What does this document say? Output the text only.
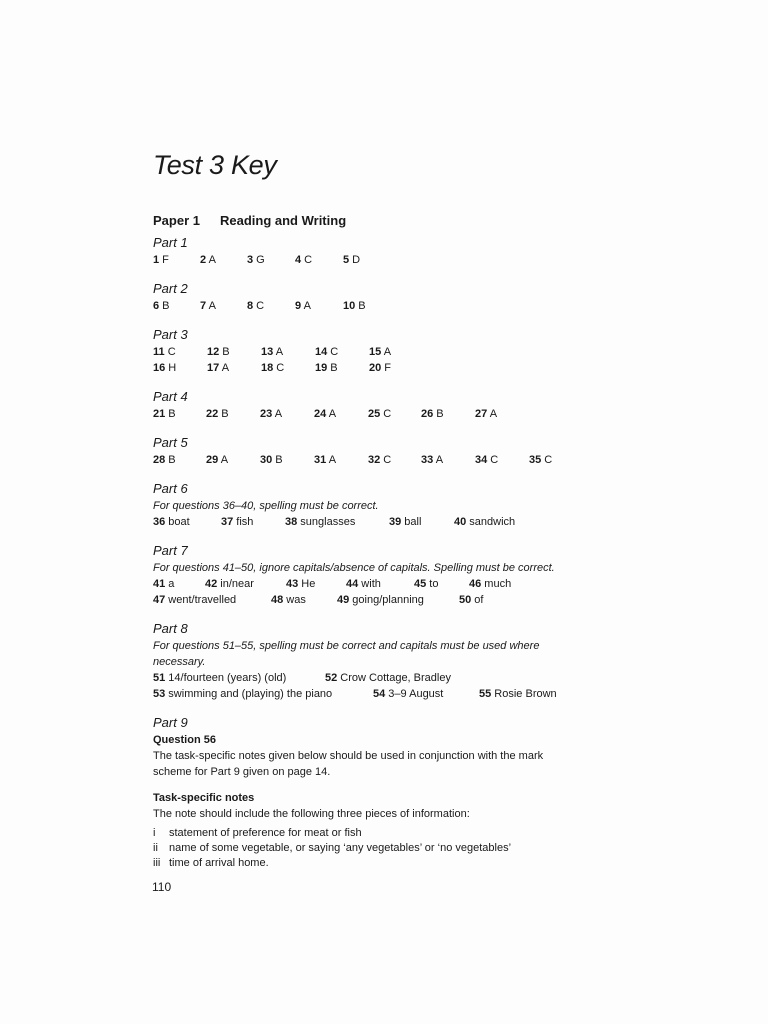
Test 3 Key
Paper 1 Reading and Writing
Part 1
1 F	2 A	3 G	4 C	5 D
Part 2
6 B	7 A	8 C	9 A	10 B
Part 3
11 C	12 B	13 A	14 C	15 A
16 H	17 A	18 C	19 B	20 F
Part 4
21 B	22 B	23 A	24 A	25 C	26 B	27 A
Part 5
28 B	29 A	30 B	31 A	32 C	33 A	34 C	35 C
Part 6
For questions 36–40, spelling must be correct.
36 boat	37 fish	38 sunglasses	39 ball	40 sandwich
Part 7
For questions 41–50, ignore capitals/absence of capitals. Spelling must be correct.
41 a	42 in/near	43 He	44 with	45 to	46 much
47 went/travelled	48 was	49 going/planning	50 of
Part 8
For questions 51–55, spelling must be correct and capitals must be used where
necessary.
51 14/fourteen (years) (old)	52 Crow Cottage, Bradley
53 swimming and (playing) the piano	54 3–9 August	55 Rosie Brown
Part 9
Question 56
The task-specific notes given below should be used in conjunction with the mark
scheme for Part 9 given on page 14.
Task-specific notes
The note should include the following three pieces of information:
i statement of preference for meat or fish
ii name of some vegetable, or saying ‘any vegetables’ or ‘no vegetables’
iii time of arrival home.
110
